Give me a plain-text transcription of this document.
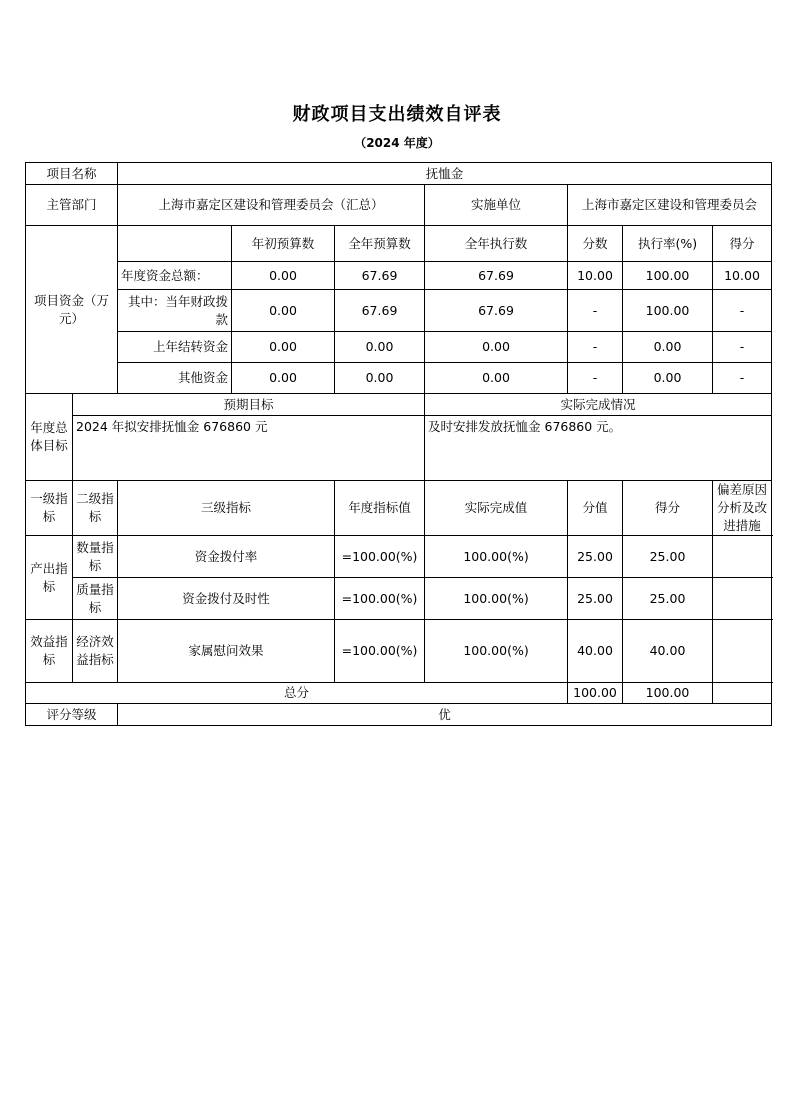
财政项目支出绩效自评表
（2024 年度）
项目名称		抚恤金						
主管部门		上海市嘉定区建设和管理委员会（汇总）			实施单位	上海市嘉定区建设和管理委员会		
项目资金（万元）			年初预算数	全年预算数	全年执行数	分数	执行率(%)	得分
		年度资金总额：	0.00	67.69	67.69	10.00	100.00	10.00
		其中：当年财政拨款	0.00	67.69	67.69	-	100.00	-
		上年结转资金	0.00	0.00	0.00	-	0.00	-
		其他资金	0.00	0.00	0.00	-	0.00	-
年度总体目标	预期目标				实际完成情况			
	2024 年拟安排抚恤金 676860 元				及时安排发放抚恤金 676860 元。			
一级指标	二级指标	三级指标		年度指标值	实际完成值	分值	得分	偏差原因分析及改进措施
产出指标	数量指标	资金拨付率		=100.00(%)	100.00(%)	25.00	25.00	
	质量指标	资金拨付及时性		=100.00(%)	100.00(%)	25.00	25.00	
效益指标	经济效益指标	家属慰问效果		=100.00(%)	100.00(%)	40.00	40.00	
总分						100.00	100.00	
评分等级		优						
